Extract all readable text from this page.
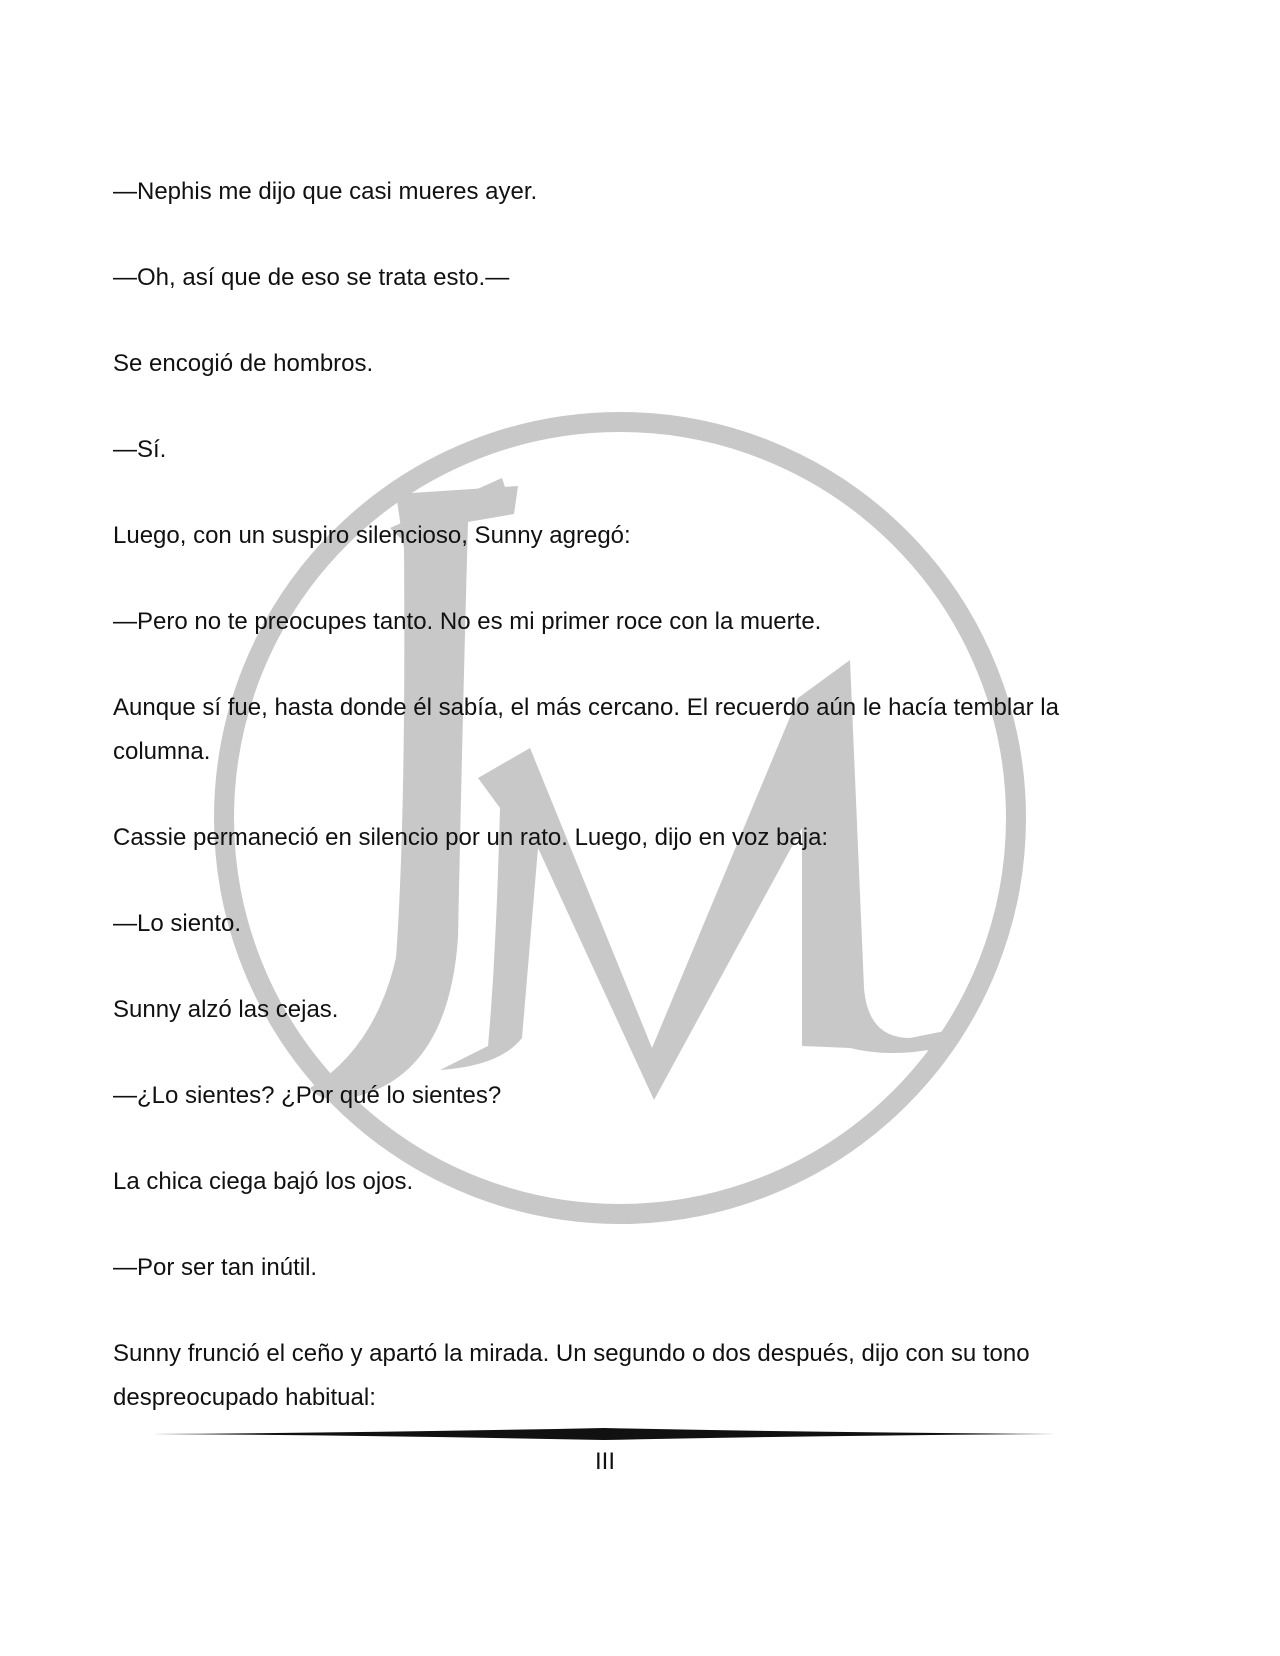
—Nephis me dijo que casi mueres ayer.

—Oh, así que de eso se trata esto.—

Se encogió de hombros.

—Sí.

Luego, con un suspiro silencioso, Sunny agregó:

—Pero no te preocupes tanto. No es mi primer roce con la muerte.

Aunque sí fue, hasta donde él sabía, el más cercano. El recuerdo aún le hacía temblar la columna.

Cassie permaneció en silencio por un rato. Luego, dijo en voz baja:

—Lo siento.

Sunny alzó las cejas.

—¿Lo sientes? ¿Por qué lo sientes?

La chica ciega bajó los ojos.

—Por ser tan inútil.

Sunny frunció el ceño y apartó la mirada. Un segundo o dos después, dijo con su tono despreocupado habitual:

III
